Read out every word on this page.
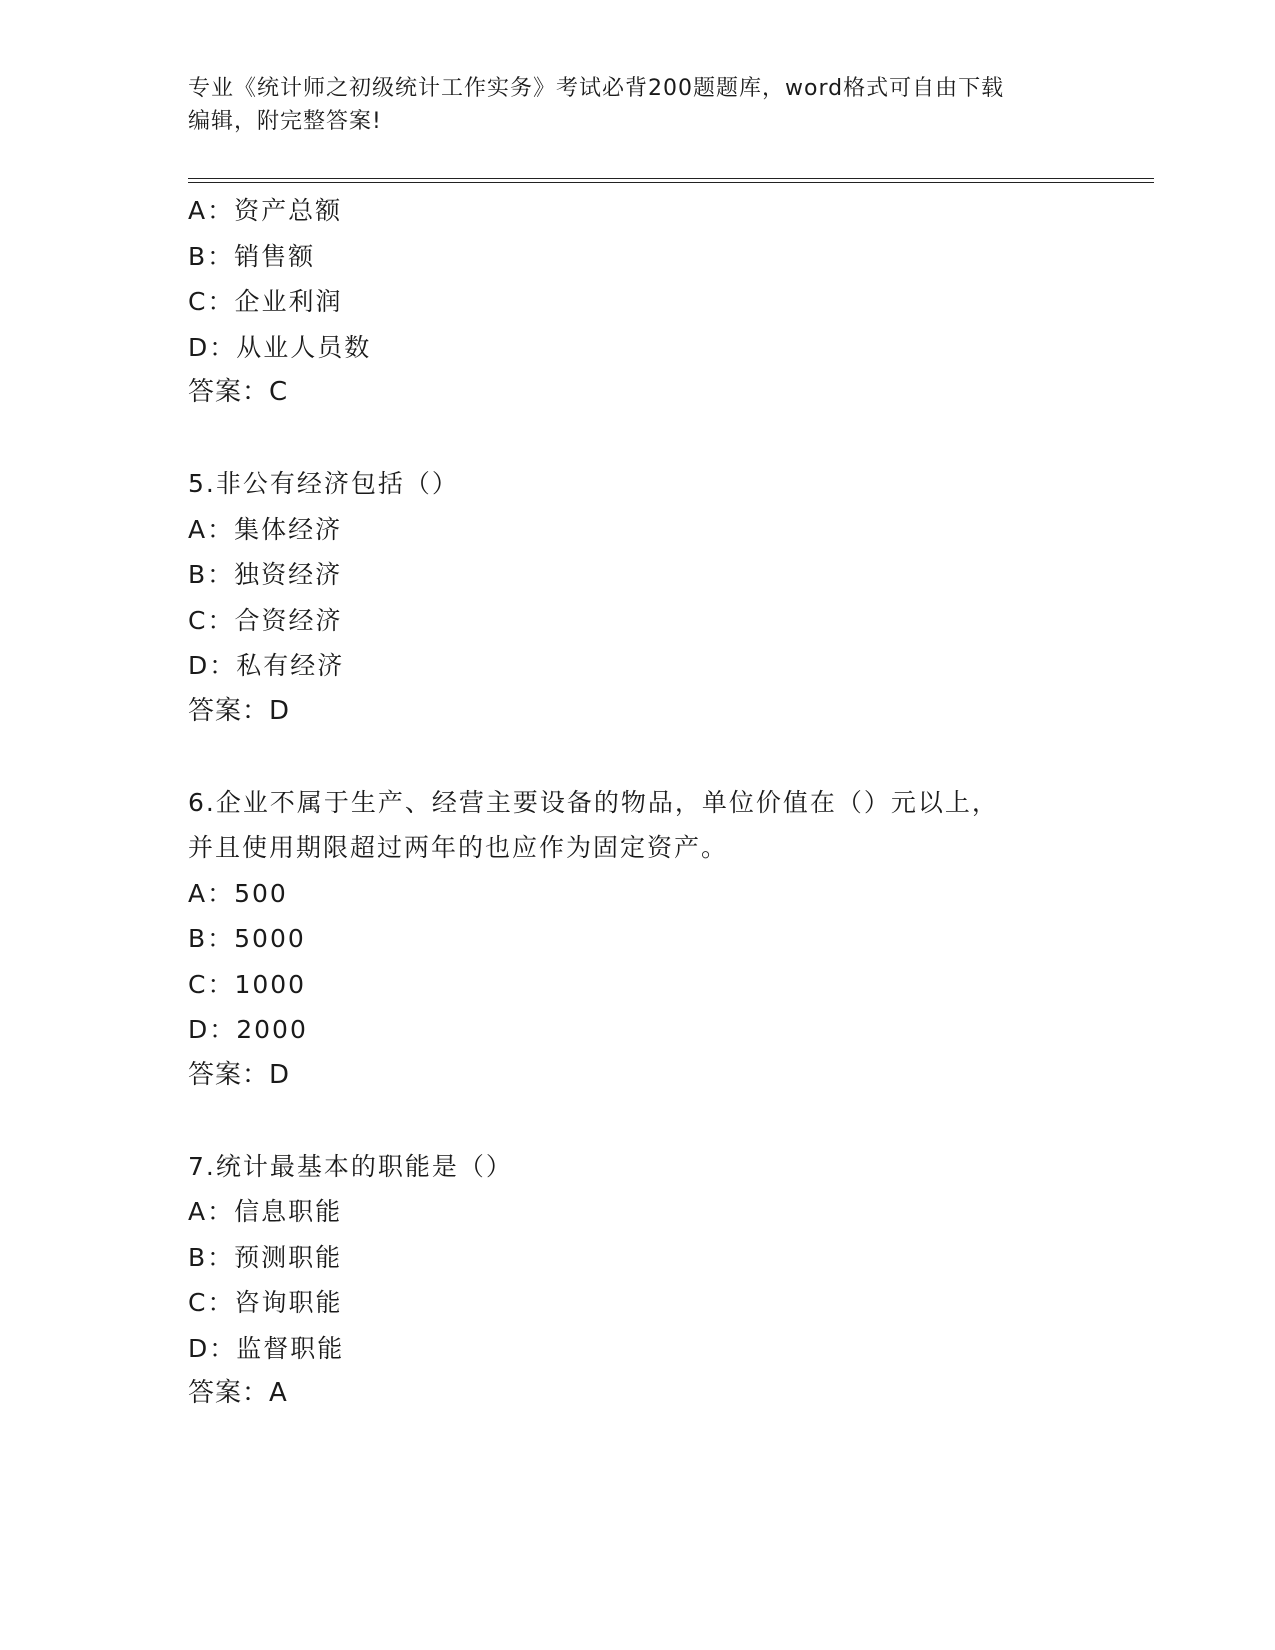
专业《统计师之初级统计工作实务》考试必背200题题库，word格式可自由下载
编辑，附完整答案!
A：资产总额
B：销售额
C：企业利润
D：从业人员数
答案：C
5.非公有经济包括（）
A：集体经济
B：独资经济
C：合资经济
D：私有经济
答案：D
6.企业不属于生产、经营主要设备的物品，单位价值在（）元以上，
并且使用期限超过两年的也应作为固定资产。
A：500
B：5000
C：1000
D：2000
答案：D
7.统计最基本的职能是（）
A：信息职能
B：预测职能
C：咨询职能
D：监督职能
答案：A
